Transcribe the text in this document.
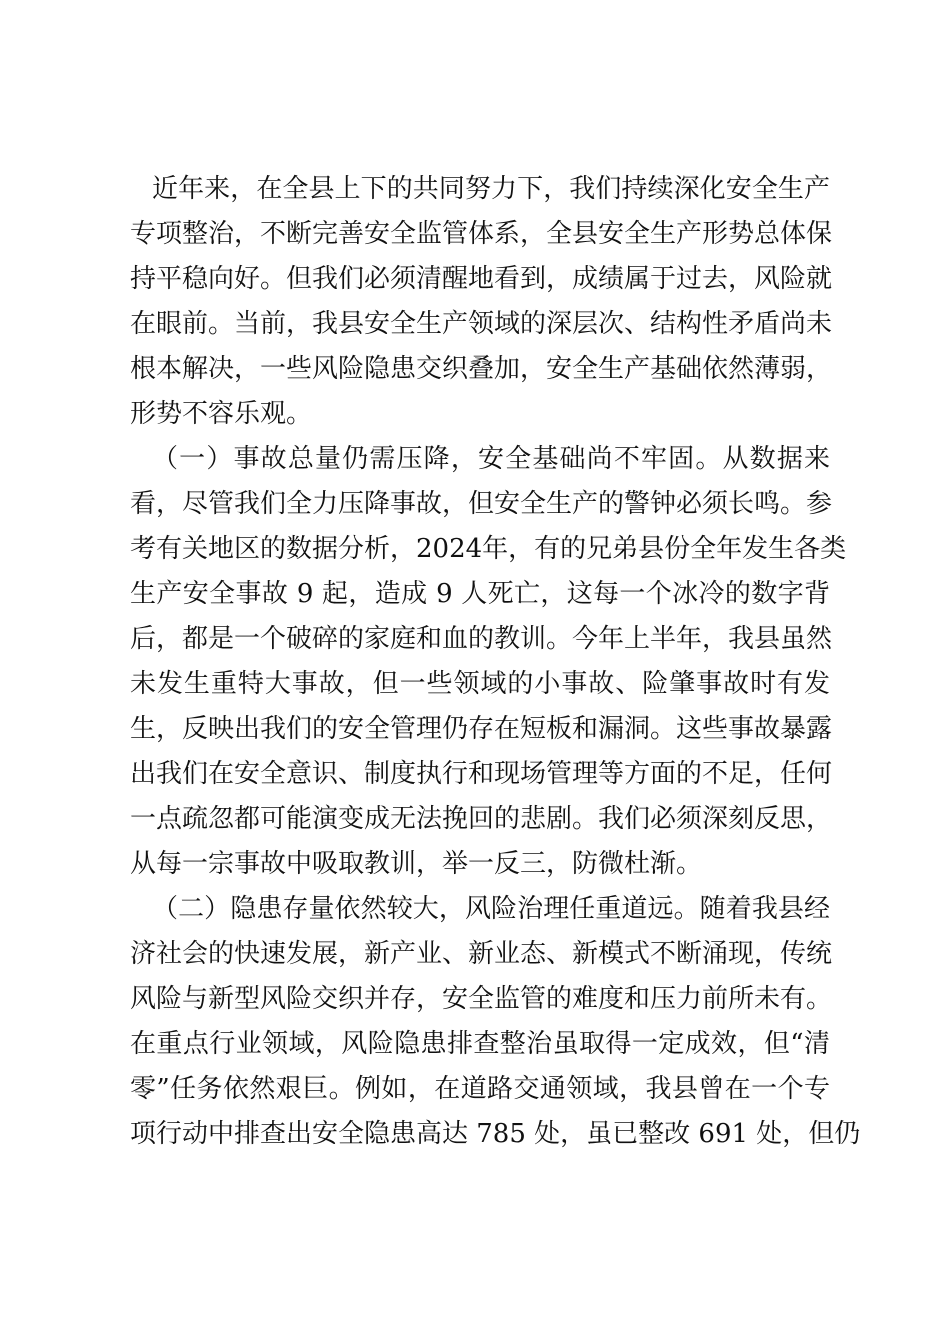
近年来，在全县上下的共同努力下，我们持续深化安全生产
专项整治，不断完善安全监管体系，全县安全生产形势总体保
持平稳向好。但我们必须清醒地看到，成绩属于过去，风险就
在眼前。当前，我县安全生产领域的深层次、结构性矛盾尚未
根本解决，一些风险隐患交织叠加，安全生产基础依然薄弱，
形势不容乐观。
（一）事故总量仍需压降，安全基础尚不牢固。从数据来
看，尽管我们全力压降事故，但安全生产的警钟必须长鸣。参
考有关地区的数据分析，2024年，有的兄弟县份全年发生各类
生产安全事故 9 起，造成 9 人死亡，这每一个冰冷的数字背
后，都是一个破碎的家庭和血的教训。今年上半年，我县虽然
未发生重特大事故，但一些领域的小事故、险肇事故时有发
生，反映出我们的安全管理仍存在短板和漏洞。这些事故暴露
出我们在安全意识、制度执行和现场管理等方面的不足，任何
一点疏忽都可能演变成无法挽回的悲剧。我们必须深刻反思，
从每一宗事故中吸取教训，举一反三，防微杜渐。
（二）隐患存量依然较大，风险治理任重道远。随着我县经
济社会的快速发展，新产业、新业态、新模式不断涌现，传统
风险与新型风险交织并存，安全监管的难度和压力前所未有。
在重点行业领域，风险隐患排查整治虽取得一定成效，但“清
零”任务依然艰巨。例如，在道路交通领域，我县曾在一个专
项行动中排查出安全隐患高达 785 处，虽已整改 691 处，但仍
